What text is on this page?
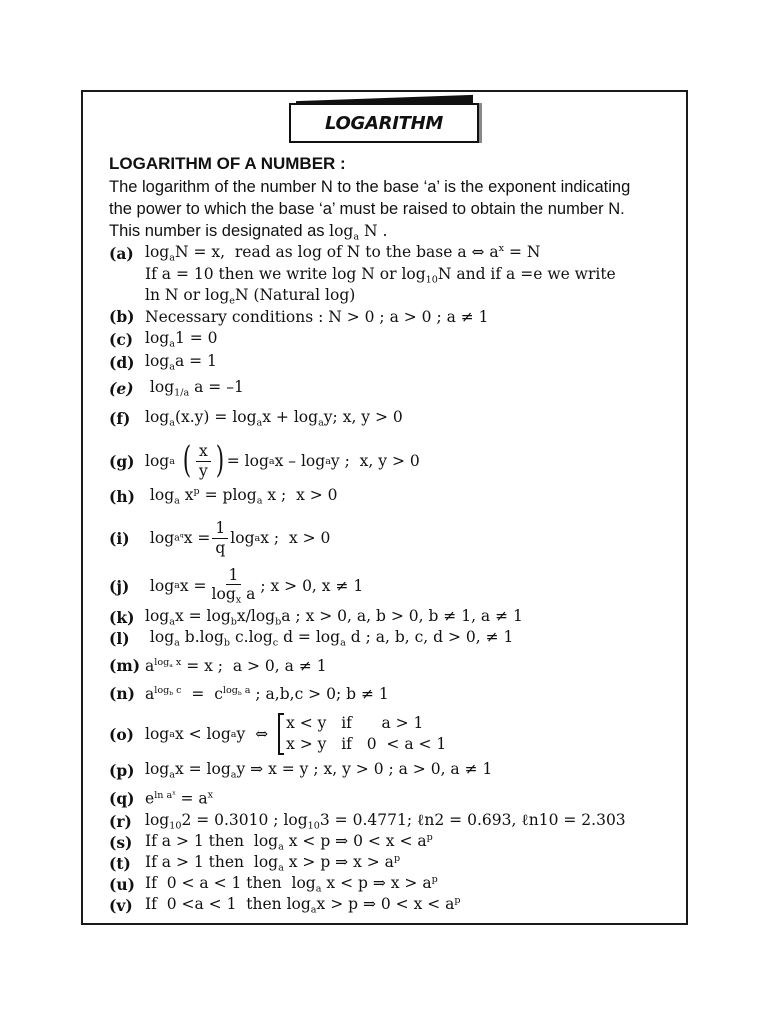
LOGARITHM
LOGARITHM OF A NUMBER :
The logarithm of the number N to the base ‘a’ is the exponent indicating
the power to which the base ‘a’ must be raised to obtain the number N.
This number is designated as $\log_a N$ .
(a) $\log_aN = x$,  read as log of N to the base a ⇔ $a^x = N$
If a = 10 then we write log N or $\log_{10}N$ and if a =e we write
ln N or $\log_eN$ (Natural log)
(b) Necessary conditions : N > 0 ; a > 0 ; a ≠ 1
(c) $\log_a1 = 0$
(d) $\log_aa = 1$
(e) $\log_{1/a} a = -1$
(f) $\log_a(x.y) = \log_ax + \log_ay$; x, y > 0
(g) log a
( $\frac{x}{y}$ ) = log a x – log a y ;  x, y > 0
(h) $\log_a x^p = plog_a$ x ;  x > 0
(i) $\log a^q$ $x = \frac{1}{q}$ log a x ;  x > 0
(j)	log a $x = \frac{1}{\log_x a}$ ; x > 0, x ≠ 1
(k) $\log_ax = \log_bx/\log_ba$ ; x > 0, a, b > 0, b ≠ 1, a ≠ 1
(l) $\log_a b.\log_b$ $c.\log_c$ $d = \log_a d$ ; a, b, c, d > 0, ≠ 1
(m) $a^{log_a x} = x$ ;  a > 0, a ≠ 1
(n) $a^{log_b c} = c^{log_b a}$ ; a,b,c > 0; b ≠ 1
(o) log a x < log a y  ⇔
x < y   if      a > 1
x > y   if   0  < a < 1
(p) $\log_ax = \log_ay$ ⇒ x = y ; x, y > 0 ; a > 0, a ≠ 1
(q) $e^{ln a^x} = a^x$
(r) $\log_{10}2 = 0.3010$ ; $\log_{10}3 = 0.4771$; ℓn2 = 0.693, ℓn10 = 2.303
(s) If a > 1 then  $\log_a x < p$ ⇒ $0 < x < a^p$
(t) If a > 1 then  $\log_a x > p$ ⇒ $x > a^p$
(u) If  0 < a < 1 then  $\log_a x < p$ ⇒ $x > a^p$
(v) If  0 <a < 1  then $\log_ax > p$ ⇒ $0 < x < a^p$
